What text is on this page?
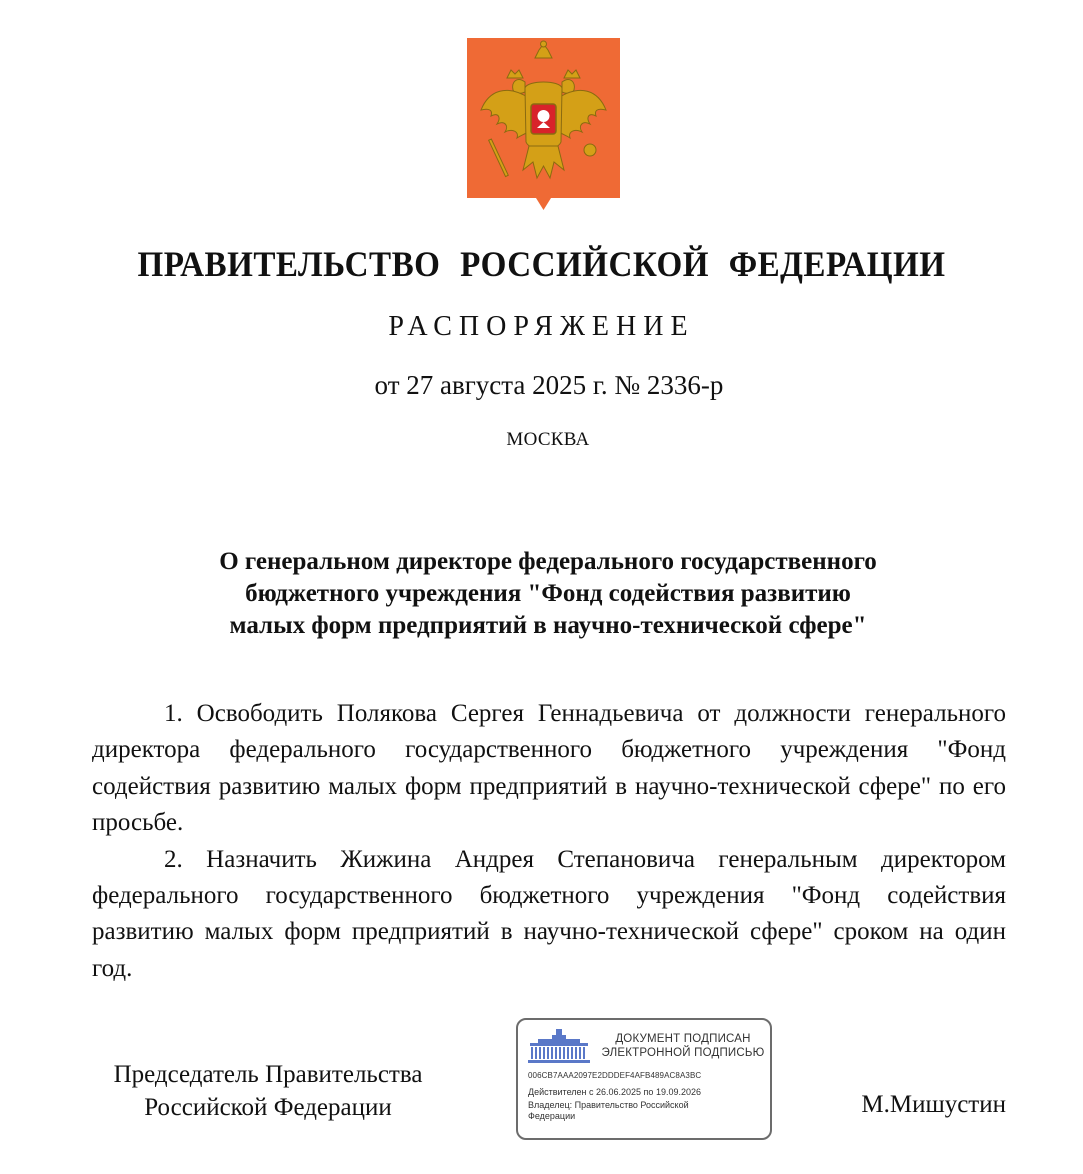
ПРАВИТЕЛЬСТВО РОССИЙСКОЙ ФЕДЕРАЦИИ
РАСПОРЯЖЕНИЕ
от 27 августа 2025 г. № 2336-р
МОСКВА
О генеральном директоре федерального государственного
бюджетного учреждения "Фонд содействия развитию
малых форм предприятий в научно-технической сфере"

1. Освободить Полякова Сергея Геннадьевича от должности генерального директора федерального государственного бюджетного учреждения "Фонд содействия развитию малых форм предприятий в научно-технической сфере" по его просьбе.

2. Назначить Жижина Андрея Степановича генеральным директором федерального государственного бюджетного учреждения "Фонд содействия развитию малых форм предприятий в научно-технической сфере" сроком на один год.

Председатель Правительства
Российской Федерации
ДОКУМЕНТ ПОДПИСАН
ЭЛЕКТРОННОЙ ПОДПИСЬЮ
006CB7AAA2097E2DDDEF4AFB489AC8A3BC
Действителен с 26.06.2025 по 19.09.2026
Владелец: Правительство Российской Федерации	М.Мишустин
